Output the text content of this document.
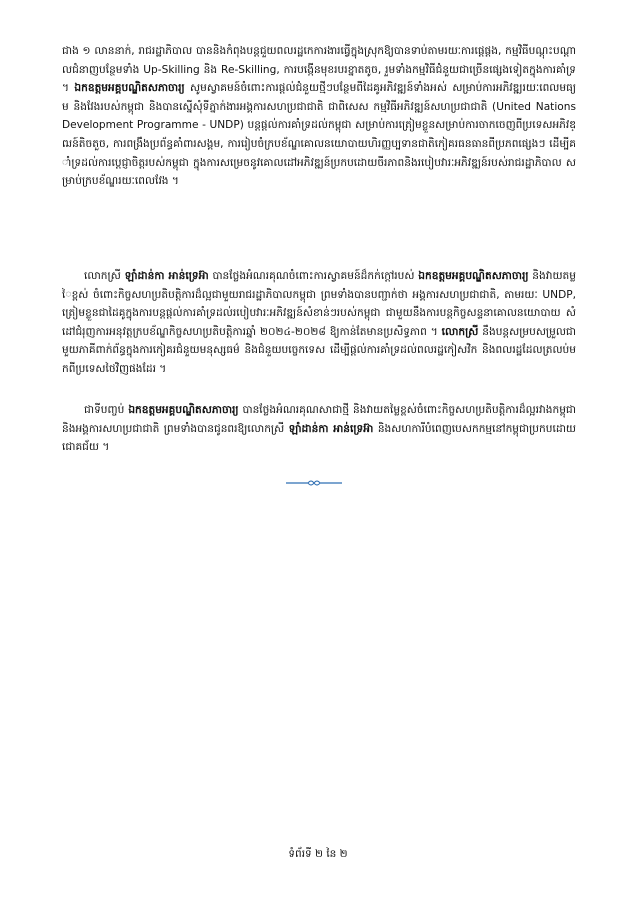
ជាង ១ លាននាក់, រាជរដ្ឋាភិបាល បាននិងកំពុងបន្តជួយពលរដ្ឋកេការងារធ្វើក្នុងស្រុកឱ្យបានទាប់តាមរយៈការផ្ដេផ្ដង, កម្មវិធីបណ្ដុះបណ្ដាលជំនាញបន្ថែមទាំង Up-Skilling និង Re-Skilling, ការបង្កើនមុខរបរខ្នាតតូច, រួមទាំងកម្មវិធីជំនួយជាច្រើនផ្សេងទៀតក្នុងការគាំទ្រ ។ ឯកឧត្តមអគ្គបណ្ឌិតសភាចារ្យ សូមស្វាគមន៍ចំពោះការផ្ដល់ជំនួយថ្មីៗបន្ថែមពីដៃគូអភិវឌ្ឍន៍ទាំងអស់ សម្រាប់ការអភិវឌ្ឍរយៈពេលមធ្យម និងវែងរបស់កម្ពុជា និងបានស្នើសុំទីភ្នាក់ងារអង្គការសហប្រជាជាតិ ជាពិសេស កម្មវិធីអភិវឌ្ឍន៍សហប្រជាជាតិ (United Nations Development Programme - UNDP) បន្តផ្ដល់ការគាំទ្រដល់កម្ពុជា សម្រាប់ការត្រៀមខ្លួនសម្រាប់ការចាកចេញពីប្រទេសអភិវឌ្ឍន៍តិចតួច, ការពង្រឹងប្រព័ន្ធគាំពារសង្គម, ការរៀបចំក្របខ័ណ្ឌគោលនយោបាយហិរញ្ញប្បទានជាតិកៀគរធនធានពីប្រភពផ្សេងៗ ដើម្បីគាំទ្រដល់ការប្ដេជ្ញាចិត្តរបស់កម្ពុជា ក្នុងការសម្រេចនូវគោលដៅអភិវឌ្ឍន៍ប្រកបដោយចីរភាពនិងរបៀបវារៈអភិវឌ្ឍន៍របស់រាជរដ្ឋាភិបាល សម្រាប់ក្របខ័ណ្ឌរយៈពេលវែង ។

លោកស្រី ឡាំដាន់កា អាន់ទ្រេអ៊ា បានថ្លែងអំណរគុណចំពោះការស្វាគមន៍ដ៏កក់ក្ដៅរបស់ ឯកឧត្តមអគ្គបណ្ឌិតសភាចារ្យ និងវាយតម្លៃខ្ពស់ ចំពោះកិច្ចសហប្រតិបត្តិការដ៏ល្អជាមួយរាជរដ្ឋាភិបាលកម្ពុជា ព្រមទាំងបានបញ្ជាក់ថា អង្គការសហប្រជាជាតិ, តាមរយៈ UNDP, ត្រៀមខ្លួនជាដៃគូក្នុងការបន្តផ្ដល់ការគាំទ្រដល់របៀបវារៈអភិវឌ្ឍន៍សំខាន់ៗរបស់កម្ពុជា ជាមួយនឹងការបន្តកិច្ចសន្ទនាគោលនយោបាយ សំដៅជំរុញការអនុវត្តក្របខ័ណ្ឌកិច្ចសហប្រតិបត្តិការឆ្នាំ ២០២៤-២០២៨ ឱ្យកាន់តែមានប្រសិទ្ធភាព ។ លោកស្រី នឹងបន្តសម្របសម្រួលជាមួយភាគីពាក់ព័ន្ធក្នុងការកៀគរជំនួយមនុស្សធម៌ និងជំនួយបច្ចេកទេស ដើម្បីផ្ដល់ការគាំទ្រដល់ពលរដ្ឋកៀសវិក និងពលរដ្ឋដែលត្រលប់មកពីប្រទេសថៃវិញផងដែរ ។

ជាទីបញ្ចប់ ឯកឧត្តមអគ្គបណ្ឌិតសភាចារ្យ បានថ្លែងអំណរគុណសាជាថ្មី និងវាយតម្លៃខ្ពស់ចំពោះកិច្ចសហប្រតិបត្តិការដ៏ល្អរវាងកម្ពុជា និងអង្គការសហប្រជាជាតិ ព្រមទាំងបានជូនពរឱ្យលោកស្រី ឡាំដាន់កា អាន់ទ្រេអ៊ា និងសហការីបំពេញបេសកកម្មនៅកម្ពុជាប្រកបដោយជោគជ័យ ។

ទំព័រទី ២ នៃ ២
